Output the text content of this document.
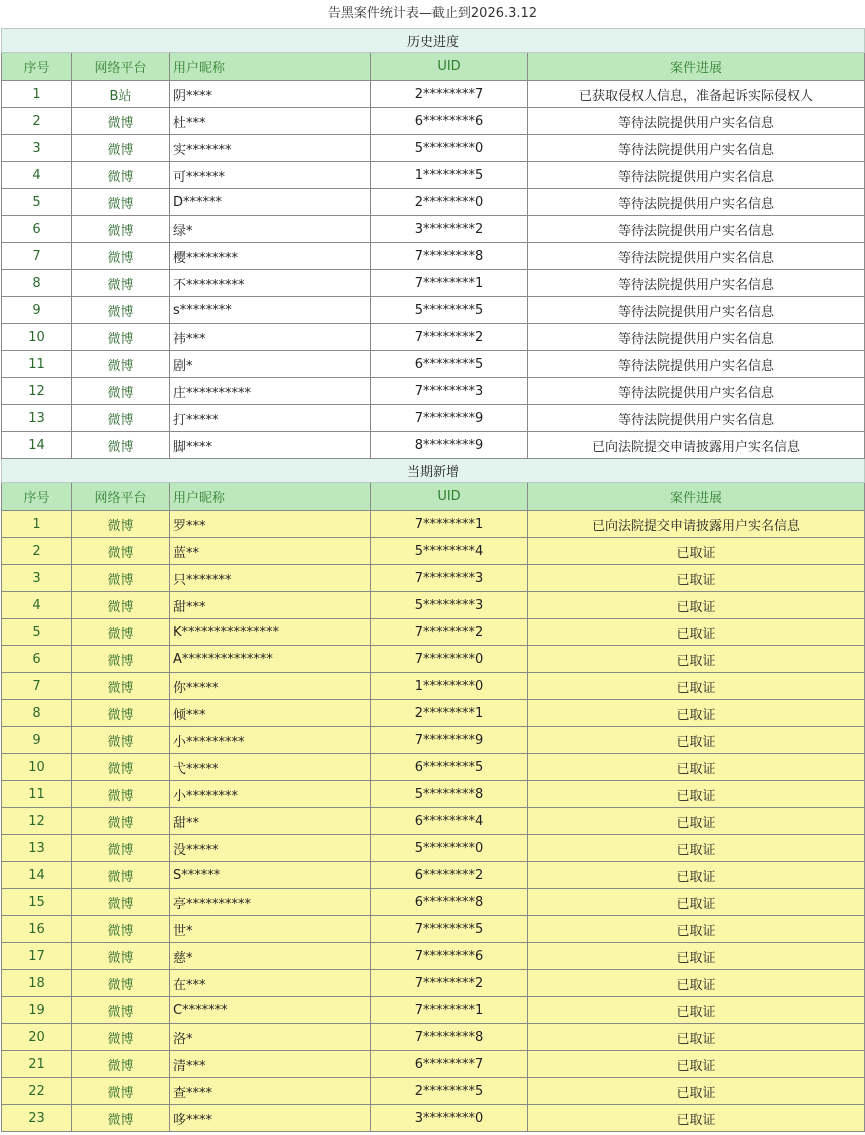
告黑案件统计表—截止到2026.3.12
历史进度				
序号	网络平台	用户昵称	UID	案件进展
1	B站	阴****	2********7	已获取侵权人信息，准备起诉实际侵权人
2	微博	杜***	6********6	等待法院提供用户实名信息
3	微博	实*******	5********0	等待法院提供用户实名信息
4	微博	可******	1********5	等待法院提供用户实名信息
5	微博	D******	2********0	等待法院提供用户实名信息
6	微博	绿*	3********2	等待法院提供用户实名信息
7	微博	樱********	7********8	等待法院提供用户实名信息
8	微博	不*********	7********1	等待法院提供用户实名信息
9	微博	s********	5********5	等待法院提供用户实名信息
10	微博	祎***	7********2	等待法院提供用户实名信息
11	微博	剧*	6********5	等待法院提供用户实名信息
12	微博	庄**********	7********3	等待法院提供用户实名信息
13	微博	打*****	7********9	等待法院提供用户实名信息
14	微博	脚****	8********9	已向法院提交申请披露用户实名信息
当期新增				
序号	网络平台	用户昵称	UID	案件进展
1	微博	罗***	7********1	已向法院提交申请披露用户实名信息
2	微博	蓝**	5********4	已取证
3	微博	只*******	7********3	已取证
4	微博	甜***	5********3	已取证
5	微博	K***************	7********2	已取证
6	微博	A**************	7********0	已取证
7	微博	你*****	1********0	已取证
8	微博	倾***	2********1	已取证
9	微博	小*********	7********9	已取证
10	微博	弋*****	6********5	已取证
11	微博	小********	5********8	已取证
12	微博	甜**	6********4	已取证
13	微博	没*****	5********0	已取证
14	微博	S******	6********2	已取证
15	微博	亭**********	6********8	已取证
16	微博	世*	7********5	已取证
17	微博	慈*	7********6	已取证
18	微博	在***	7********2	已取证
19	微博	C*******	7********1	已取证
20	微博	洛*	7********8	已取证
21	微博	清***	6********7	已取证
22	微博	查****	2********5	已取证
23	微博	哆****	3********0	已取证
